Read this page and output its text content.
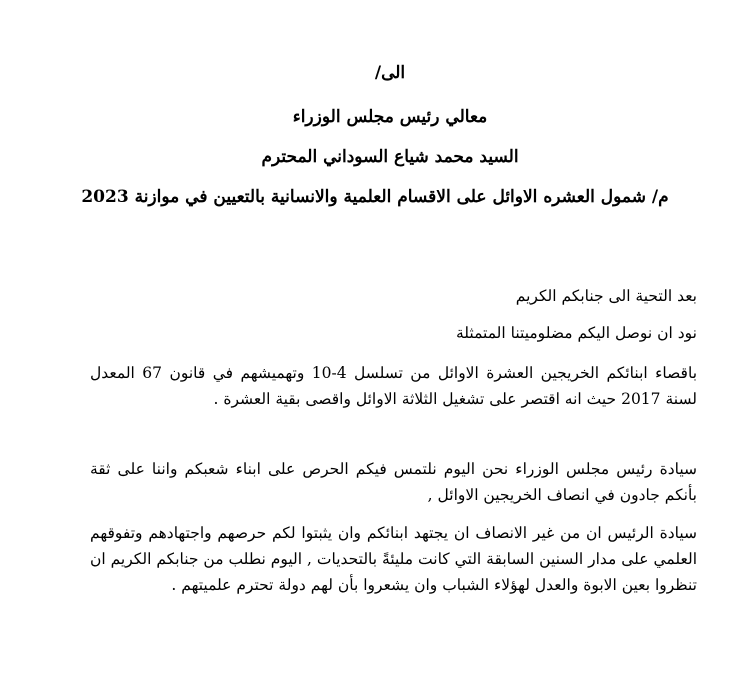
الى/
معالي رئيس مجلس الوزراء
السيد محمد شياع السوداني المحترم
م/ شمول العشره الاوائل على الاقسام العلمية والانسانية بالتعيين في موازنة 2023
بعد التحية الى جنابكم الكريم
نود ان نوصل اليكم مضلوميتنا المتمثلة
باقصاء ابنائكم الخريجين العشرة الاوائل من تسلسل 4-10 وتهميشهم في قانون 67 المعدل لسنة 2017 حيث انه اقتصر على تشغيل الثلاثة الاوائل واقصى بقية العشرة .
سيادة رئيس مجلس الوزراء نحن اليوم نلتمس فيكم الحرص على ابناء شعبكم واننا على ثقة بأنكم جادون في انصاف الخريجين الاوائل ,
سيادة الرئيس ان من غير الانصاف ان يجتهد ابنائكم وان يثبتوا لكم حرصهم واجتهادهم وتفوقهم العلمي على مدار السنين السابقة التي كانت مليئةً بالتحديات , اليوم نطلب من جنابكم الكريم ان تنظروا بعين الابوة والعدل لهؤلاء الشباب وان يشعروا بأن لهم دولة تحترم علميتهم .
